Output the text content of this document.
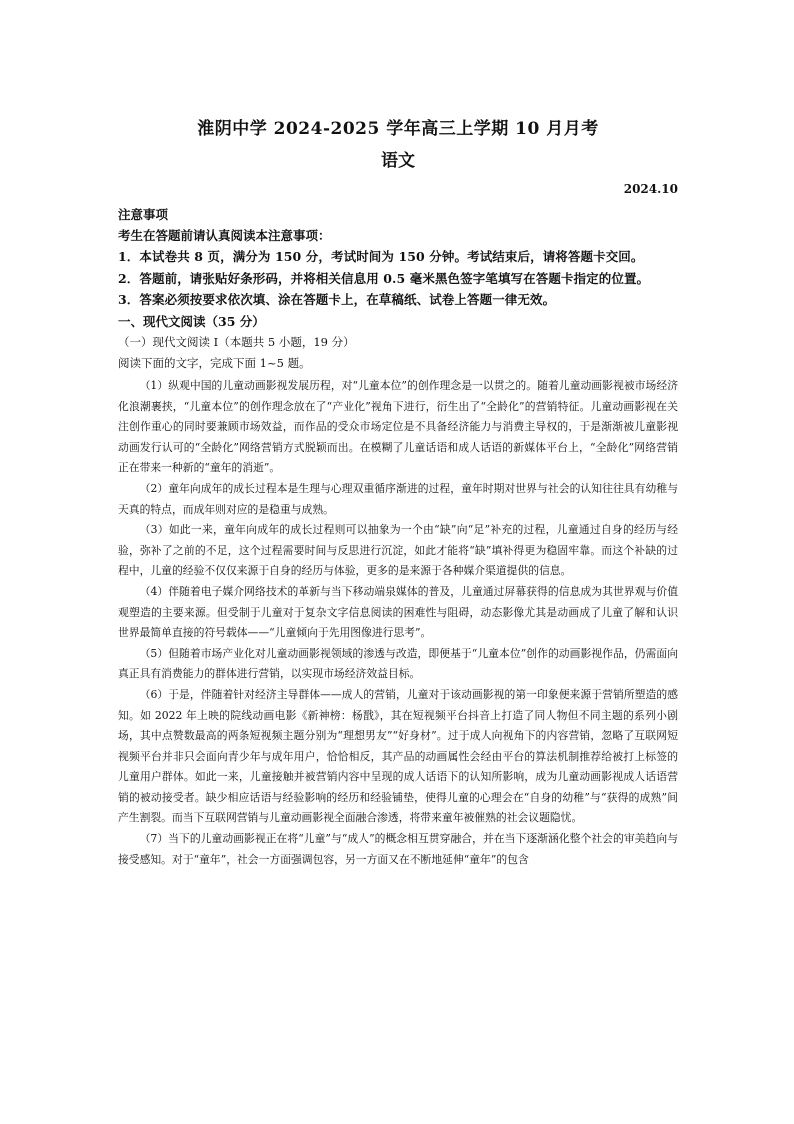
淮阴中学 2024-2025 学年高三上学期 10 月月考
语文
2024.10
注意事项
考生在答题前请认真阅读本注意事项：
1．本试卷共 8 页，满分为 150 分，考试时间为 150 分钟。考试结束后，请将答题卡交回。
2．答题前，请张贴好条形码，并将相关信息用 0.5 毫米黑色签字笔填写在答题卡指定的位置。
3．答案必须按要求依次填、涂在答题卡上，在草稿纸、试卷上答题一律无效。
一、现代文阅读（35 分）
（一）现代文阅读 I（本题共 5 小题，19 分）
阅读下面的文字，完成下面 1~5 题。

（1）纵观中国的儿童动画影视发展历程，对“儿童本位”的创作理念是一以贯之的。随着儿童动画影视被市场经济化浪潮裹挟，“儿童本位”的创作理念放在了“产业化”视角下进行，衍生出了“全龄化”的营销特征。儿童动画影视在关注创作重心的同时要兼顾市场效益，而作品的受众市场定位是不具备经济能力与消费主导权的，于是渐渐被儿童影视动画发行认可的“全龄化”网络营销方式脱颖而出。在模糊了儿童话语和成人话语的新媒体平台上，“全龄化”网络营销正在带来一种新的“童年的消逝”。

（2）童年向成年的成长过程本是生理与心理双重循序渐进的过程，童年时期对世界与社会的认知往往具有幼稚与天真的特点，而成年则对应的是稳重与成熟。

（3）如此一来，童年向成年的成长过程则可以抽象为一个由“缺”向“足”补充的过程，儿童通过自身的经历与经验，弥补了之前的不足，这个过程需要时间与反思进行沉淀，如此才能将“缺”填补得更为稳固牢靠。而这个补缺的过程中，儿童的经验不仅仅来源于自身的经历与体验，更多的是来源于各种媒介渠道提供的信息。

（4）伴随着电子媒介网络技术的革新与当下移动端泉媒体的普及，儿童通过屏幕获得的信息成为其世界观与价值观塑造的主要来源。但受制于儿童对于复杂文字信息阅读的困难性与阻碍，动态影像尤其是动画成了儿童了解和认识世界最简单直接的符号载体——“儿童倾向于先用图像进行思考”。

（5）但随着市场产业化对儿童动画影视领域的渗透与改造，即便基于“儿童本位”创作的动画影视作品，仍需面向真正具有消费能力的群体进行营销，以实现市场经济效益目标。

（6）于是，伴随着针对经济主导群体——成人的营销，儿童对于该动画影视的第一印象便来源于营销所塑造的感知。如 2022 年上映的院线动画电影《新神榜：杨戬》，其在短视频平台抖音上打造了同人物但不同主题的系列小剧场，其中点赞数最高的两条短视频主题分别为“理想男友”“好身材”。过于成人向视角下的内容营销，忽略了互联网短视频平台并非只会面向青少年与成年用户，恰恰相反，其产品的动画属性会经由平台的算法机制推荐给被打上标签的儿童用户群体。如此一来，儿童接触并被营销内容中呈现的成人话语下的认知所影响，成为儿童动画影视成人话语营销的被动接受者。缺少相应话语与经验影响的经历和经验铺垫，使得儿童的心理会在“自身的幼稚”与“获得的成熟”间产生割裂。而当下互联网营销与儿童动画影视全面融合渗透，将带来童年被催熟的社会议题隐忧。

（7）当下的儿童动画影视正在将“儿童”与“成人”的概念相互贯穿融合，并在当下逐渐涵化整个社会的审美趋向与接受感知。对于“童年”，社会一方面强调包容，另一方面又在不断地延伸“童年”的包含
